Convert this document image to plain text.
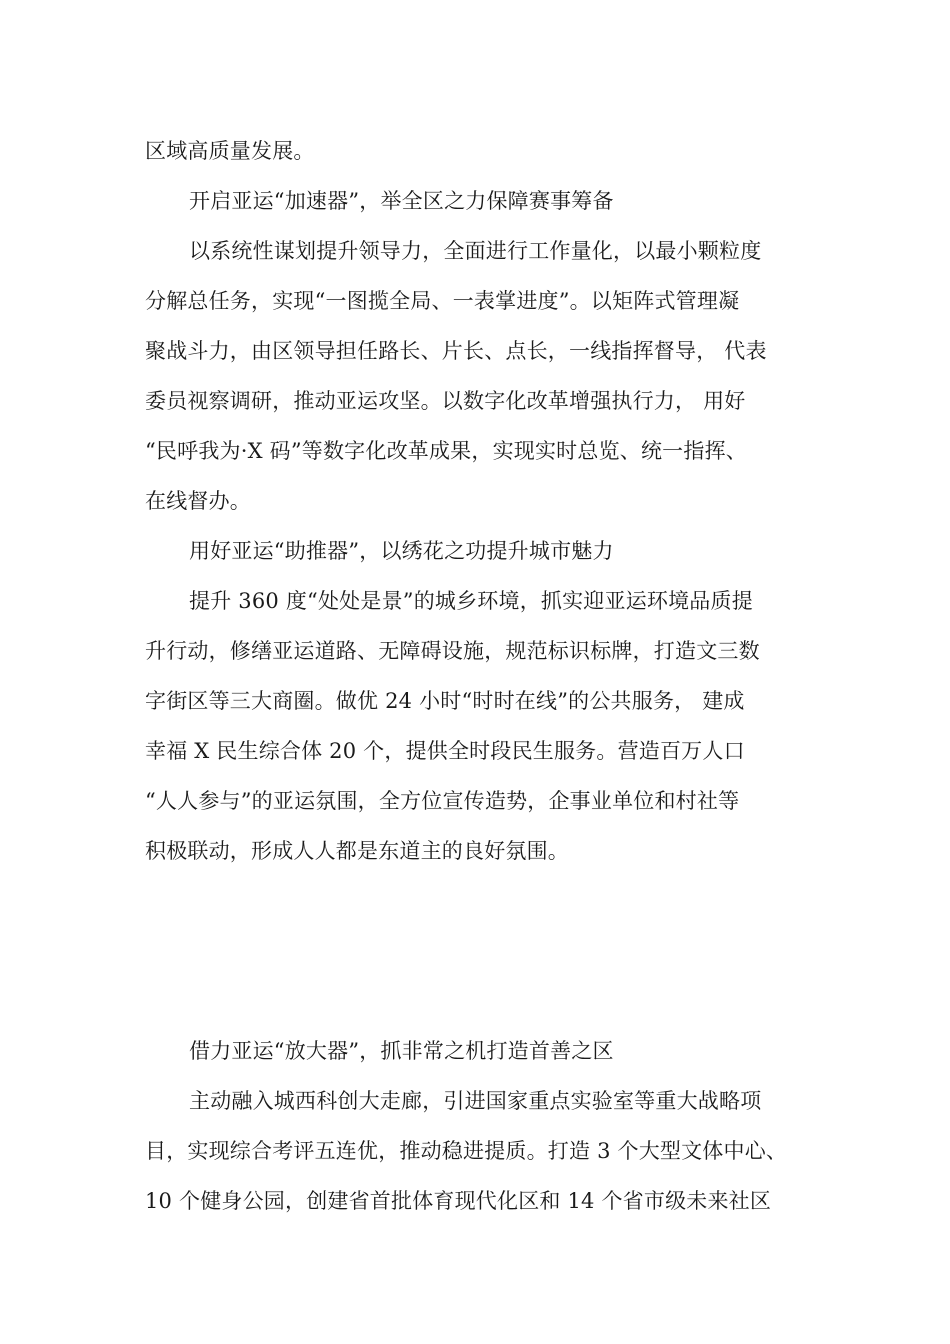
区域高质量发展。
开启亚运“加速器”，举全区之力保障赛事筹备
以系统性谋划提升领导力，全面进行工作量化，以最小颗粒度
分解总任务，实现“一图揽全局、一表掌进度”。以矩阵式管理凝
聚战斗力，由区领导担任路长、片长、点长，一线指挥督导， 代表
委员视察调研，推动亚运攻坚。以数字化改革增强执行力， 用好
“民呼我为·X 码”等数字化改革成果，实现实时总览、统一指挥、
在线督办。
用好亚运“助推器”，以绣花之功提升城市魅力
提升 360 度“处处是景”的城乡环境，抓实迎亚运环境品质提
升行动，修缮亚运道路、无障碍设施，规范标识标牌，打造文三数
字街区等三大商圈。做优 24 小时“时时在线”的公共服务， 建成
幸福 X 民生综合体 20 个，提供全时段民生服务。营造百万人口
“人人参与”的亚运氛围，全方位宣传造势，企事业单位和村社等
积极联动，形成人人都是东道主的良好氛围。
借力亚运“放大器”，抓非常之机打造首善之区
主动融入城西科创大走廊，引进国家重点实验室等重大战略项
目，实现综合考评五连优，推动稳进提质。打造 3 个大型文体中心、
10 个健身公园，创建省首批体育现代化区和 14 个省市级未来社区
